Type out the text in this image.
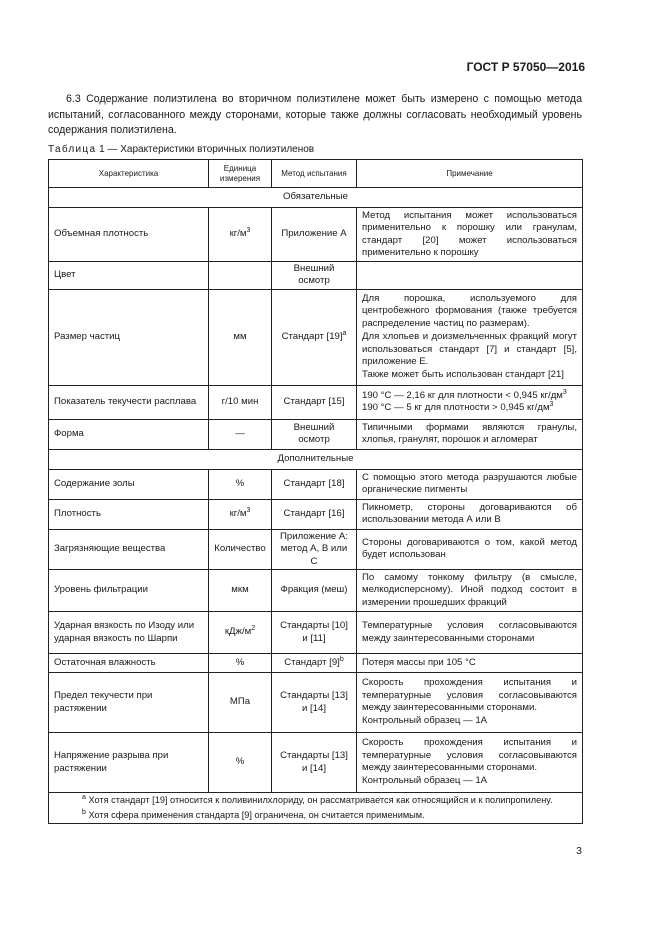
ГОСТ Р 57050—2016

6.3 Содержание полиэтилена во вторичном полиэтилене может быть измерено с помощью метода испытаний, согласованного между сторонами, которые также должны согласовать необходимый уровень содержания полиэтилена.

Таблица 1 — Характеристики вторичных полиэтиленов
Характеристика	Единица измерения	Метод испытания	Примечание
Обязательные			
Объемная плотность	$кг/м^3$	Приложение А	Метод испытания может использоваться применительно к порошку или гранулам, стандарт [20] может использоваться применительно к порошку
Цвет		Внешний осмотр	
Размер частиц	мм	Стандарт $[19]^a$	Для порошка, используемого для центробежного формования (также требуется распределение частиц по размерам).

Для хлопьев и доизмельченных фракций могут использоваться стандарт [7] и стандарт [5], приложение Е.

Также может быть использован стандарт [21]

Показатель текучести расплава	г/10 мин	Стандарт [15]	190 °С — 2,16 кг для плотности < 0,945 $кг/дм^3$

190 °С — 5 кг для плотности > 0,945 $кг/дм^3$

Форма	—	Внешний осмотр	Типичными формами являются гранулы, хлопья, гранулят, порошок и агломерат
Дополнительные			
Содержание золы	%	Стандарт [18]	С помощью этого метода разрушаются любые органические пигменты
Плотность	$кг/м^3$	Стандарт [16]	Пикнометр, стороны договариваются об использовании метода А или В
Загрязняющие вещества	Количество	Приложение А: метод А, В или С	Стороны договариваются о том, какой метод будет использован
Уровень фильтрации	мкм	Фракция (меш)	По самому тонкому фильтру (в смысле, мелкодисперсному). Иной подход состоит в измерении прошедших фракций
Ударная вязкость по Изоду или ударная вязкость по Шарпи	кДж/$м^2$	Стандарты [10] и [11]	Температурные условия согласовываются между заинтересованными сторонами
Остаточная влажность	%	Стандарт $[9]^b$	Потеря массы при 105 °С
Предел текучести при растяжении	МПа	Стандарты [13] и [14]	Скорость прохождения испытания и температурные условия согласовываются между заинтересованными сторонами.

Контрольный образец — 1А

Напряжение разрыва при растяжении	%	Стандарты [13] и [14]	Скорость прохождения испытания и температурные условия согласовываются между заинтересованными сторонами.

Контрольный образец — 1А

$^a$ Хотя стандарт [19] относится к поливинилхлориду, он рассматривается как относящийся и к полипропилену.

$^b$ Хотя сфера применения стандарта [9] ограничена, он считается применимым.			

3
